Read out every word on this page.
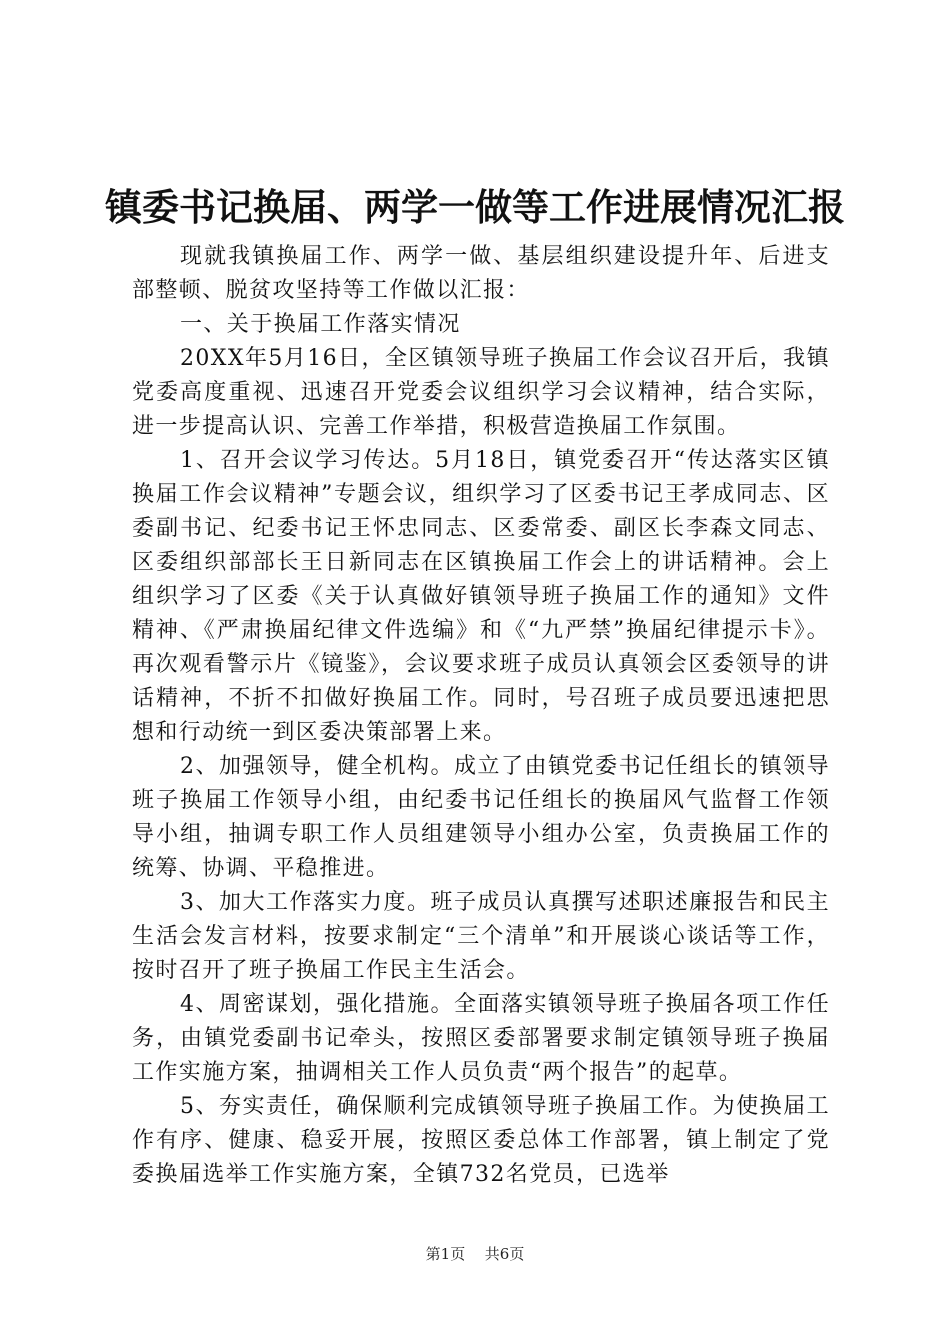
镇委书记换届、两学一做等工作进展情况汇报

现就我镇换届工作、两学一做、基层组织建设提升年、后进支部整顿、脱贫攻坚持等工作做以汇报：

一、关于换届工作落实情况

20XX年5月16日，全区镇领导班子换届工作会议召开后，我镇党委高度重视、迅速召开党委会议组织学习会议精神，结合实际，进一步提高认识、完善工作举措，积极营造换届工作氛围。

1、召开会议学习传达。5月18日，镇党委召开“传达落实区镇换届工作会议精神”专题会议，组织学习了区委书记王孝成同志、区委副书记、纪委书记王怀忠同志、区委常委、副区长李森文同志、区委组织部部长王日新同志在区镇换届工作会上的讲话精神。会上组织学习了区委《关于认真做好镇领导班子换届工作的通知》文件精神、《严肃换届纪律文件选编》和《“九严禁”换届纪律提示卡》。再次观看警示片《镜鉴》，会议要求班子成员认真领会区委领导的讲话精神，不折不扣做好换届工作。同时，号召班子成员要迅速把思想和行动统一到区委决策部署上来。

2、加强领导，健全机构。成立了由镇党委书记任组长的镇领导班子换届工作领导小组，由纪委书记任组长的换届风气监督工作领导小组，抽调专职工作人员组建领导小组办公室，负责换届工作的统筹、协调、平稳推进。

3、加大工作落实力度。班子成员认真撰写述职述廉报告和民主生活会发言材料，按要求制定“三个清单”和开展谈心谈话等工作，按时召开了班子换届工作民主生活会。

4、周密谋划，强化措施。全面落实镇领导班子换届各项工作任务，由镇党委副书记牵头，按照区委部署要求制定镇领导班子换届工作实施方案，抽调相关工作人员负责“两个报告”的起草。

5、夯实责任，确保顺利完成镇领导班子换届工作。为使换届工作有序、健康、稳妥开展，按照区委总体工作部署，镇上制定了党委换届选举工作实施方案，全镇732名党员，已选举

第1页 共6页
